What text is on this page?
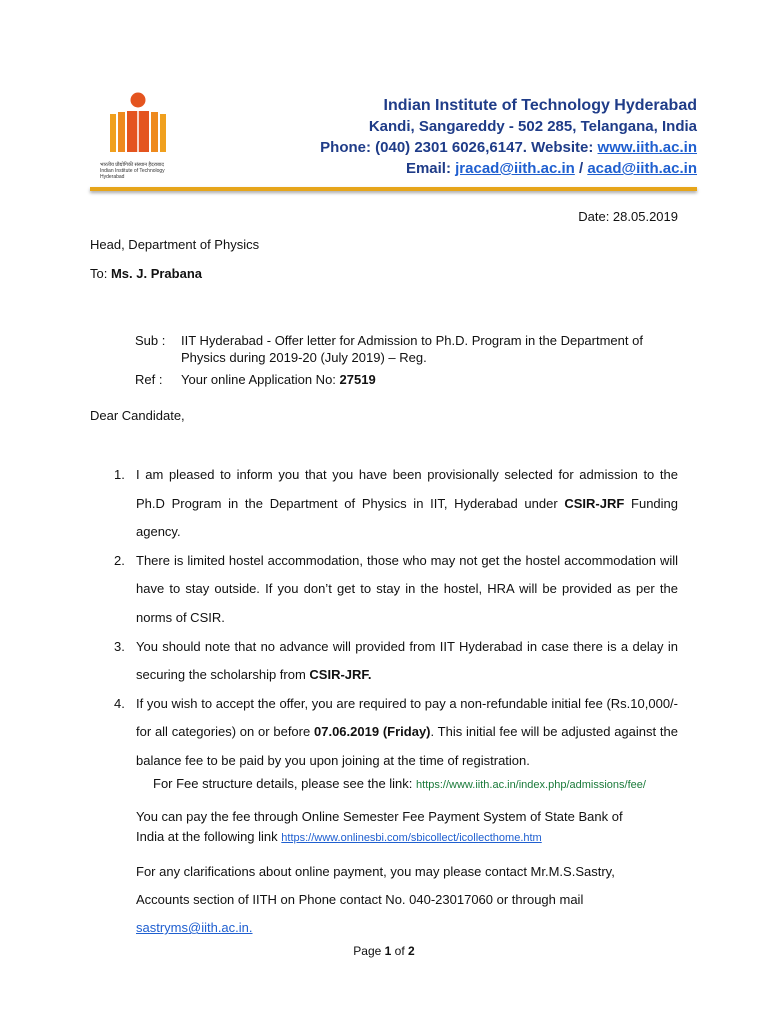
भारतीय प्रौद्योगिकी संस्थान हैदराबाद
Indian Institute of Technology Hyderabad
Indian Institute of Technology Hyderabad
Kandi, Sangareddy - 502 285, Telangana, India
Phone: (040) 2301 6026,6147. Website: www.iith.ac.in
Email: jracad@iith.ac.in / acad@iith.ac.in
Date: 28.05.2019
Head, Department of Physics
To: Ms. J. Prabana
Sub : IIT Hyderabad - Offer letter for Admission to Ph.D. Program in the Department of
Physics during 2019-20 (July 2019) – Reg.
Ref : Your online Application No: 27519
Dear Candidate,
1. I am pleased to inform you that you have been provisionally selected for admission to the Ph.D Program in the Department of Physics in IIT, Hyderabad under CSIR-JRF Funding agency.
2. There is limited hostel accommodation, those who may not get the hostel accommodation will have to stay outside. If you don’t get to stay in the hostel, HRA will be provided as per the norms of CSIR.
3. You should note that no advance will provided from IIT Hyderabad in case there is a delay in securing the scholarship from CSIR-JRF.
4. If you wish to accept the offer, you are required to pay a non-refundable initial fee (Rs.10,000/- for all categories) on or before 07.06.2019 (Friday). This initial fee will be adjusted against the balance fee to be paid by you upon joining at the time of registration.
For Fee structure details, please see the link: https://www.iith.ac.in/index.php/admissions/fee/
You can pay the fee through Online Semester Fee Payment System of State Bank of
India at the following link https://www.onlinesbi.com/sbicollect/icollecthome.htm
For any clarifications about online payment, you may please contact Mr.M.S.Sastry,
Accounts section of IITH on Phone contact No. 040-23017060 or through mail
sastryms@iith.ac.in.
Page 1 of 2
